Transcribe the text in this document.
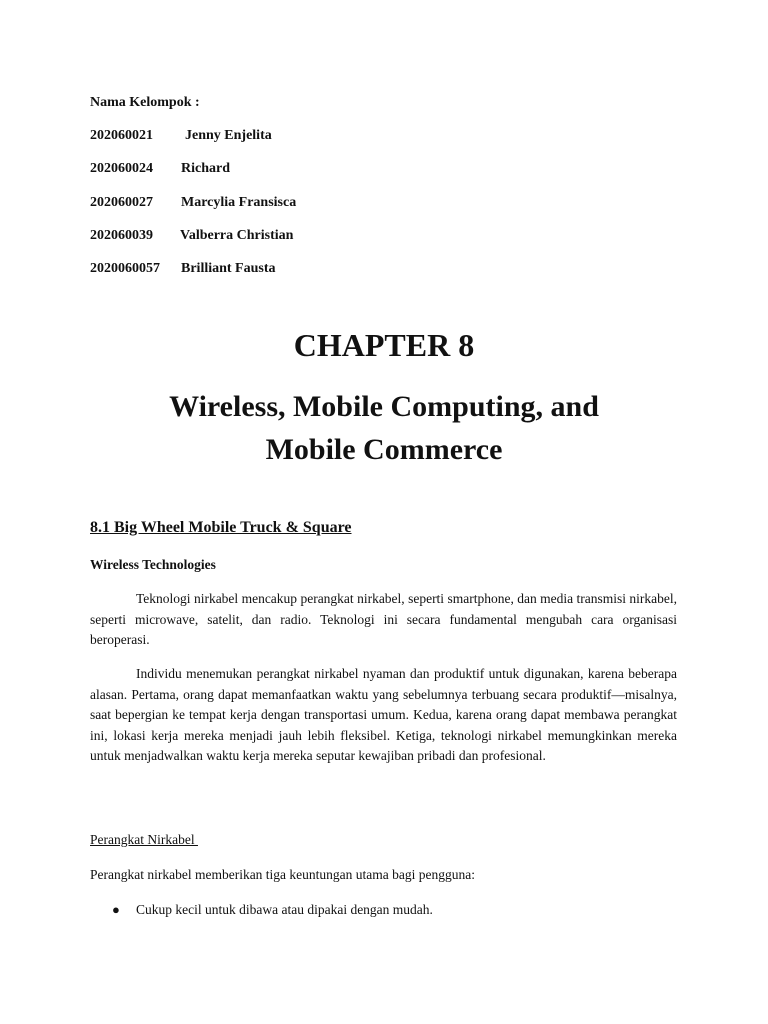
Nama Kelompok :
202060021 Jenny Enjelita
202060024 Richard
202060027 Marcylia Fransisca
202060039 Valberra Christian
2020060057 Brilliant Fausta
CHAPTER 8
Wireless, Mobile Computing, and
Mobile Commerce
8.1 Big Wheel Mobile Truck & Square
Wireless Technologies

Teknologi nirkabel mencakup perangkat nirkabel, seperti smartphone, dan media transmisi nirkabel, seperti microwave, satelit, dan radio. Teknologi ini secara fundamental mengubah cara organisasi beroperasi.

Individu menemukan perangkat nirkabel nyaman dan produktif untuk digunakan, karena beberapa alasan. Pertama, orang dapat memanfaatkan waktu yang sebelumnya terbuang secara produktif—misalnya, saat bepergian ke tempat kerja dengan transportasi umum. Kedua, karena orang dapat membawa perangkat ini, lokasi kerja mereka menjadi jauh lebih fleksibel. Ketiga, teknologi nirkabel memungkinkan mereka untuk menjadwalkan waktu kerja mereka seputar kewajiban pribadi dan profesional.

Perangkat Nirkabel
Perangkat nirkabel memberikan tiga keuntungan utama bagi pengguna:
● Cukup kecil untuk dibawa atau dipakai dengan mudah.
